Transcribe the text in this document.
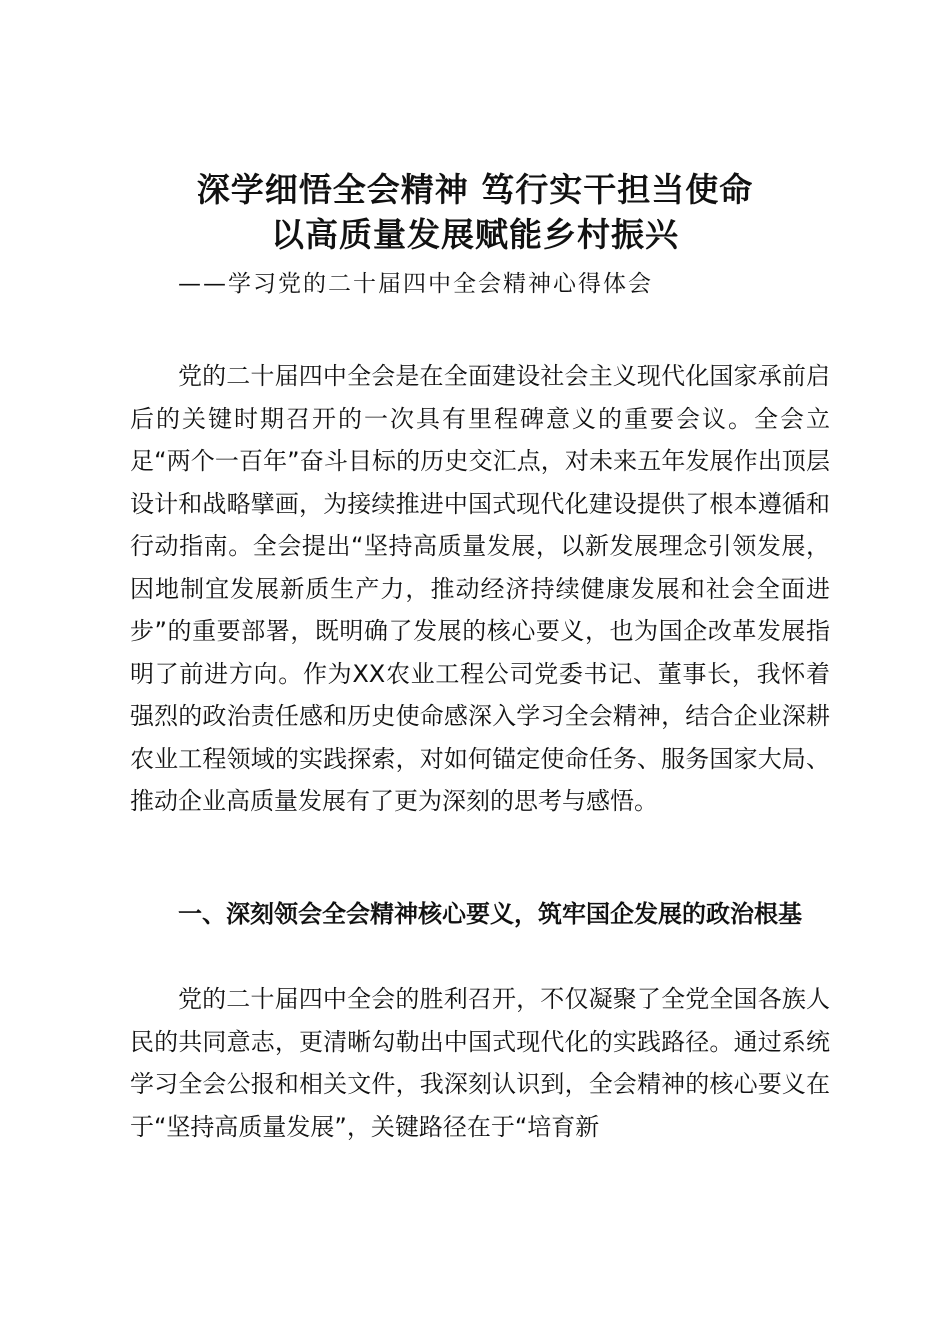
深学细悟全会精神 笃行实干担当使命
以高质量发展赋能乡村振兴

——学习党的二十届四中全会精神心得体会

党的二十届四中全会是在全面建设社会主义现代化国家承前启后的关键时期召开的一次具有里程碑意义的重要会议。全会立足“两个一百年”奋斗目标的历史交汇点，对未来五年发展作出顶层设计和战略擘画，为接续推进中国式现代化建设提供了根本遵循和行动指南。全会提出“坚持高质量发展，以新发展理念引领发展，因地制宜发展新质生产力，推动经济持续健康发展和社会全面进步”的重要部署，既明确了发展的核心要义，也为国企改革发展指明了前进方向。作为XX农业工程公司党委书记、董事长，我怀着强烈的政治责任感和历史使命感深入学习全会精神，结合企业深耕农业工程领域的实践探索，对如何锚定使命任务、服务国家大局、推动企业高质量发展有了更为深刻的思考与感悟。

一、深刻领会全会精神核心要义，筑牢国企发展的政治根基

党的二十届四中全会的胜利召开，不仅凝聚了全党全国各族人民的共同意志，更清晰勾勒出中国式现代化的实践路径。通过系统学习全会公报和相关文件，我深刻认识到，全会精神的核心要义在于“坚持高质量发展”，关键路径在于“培育新
